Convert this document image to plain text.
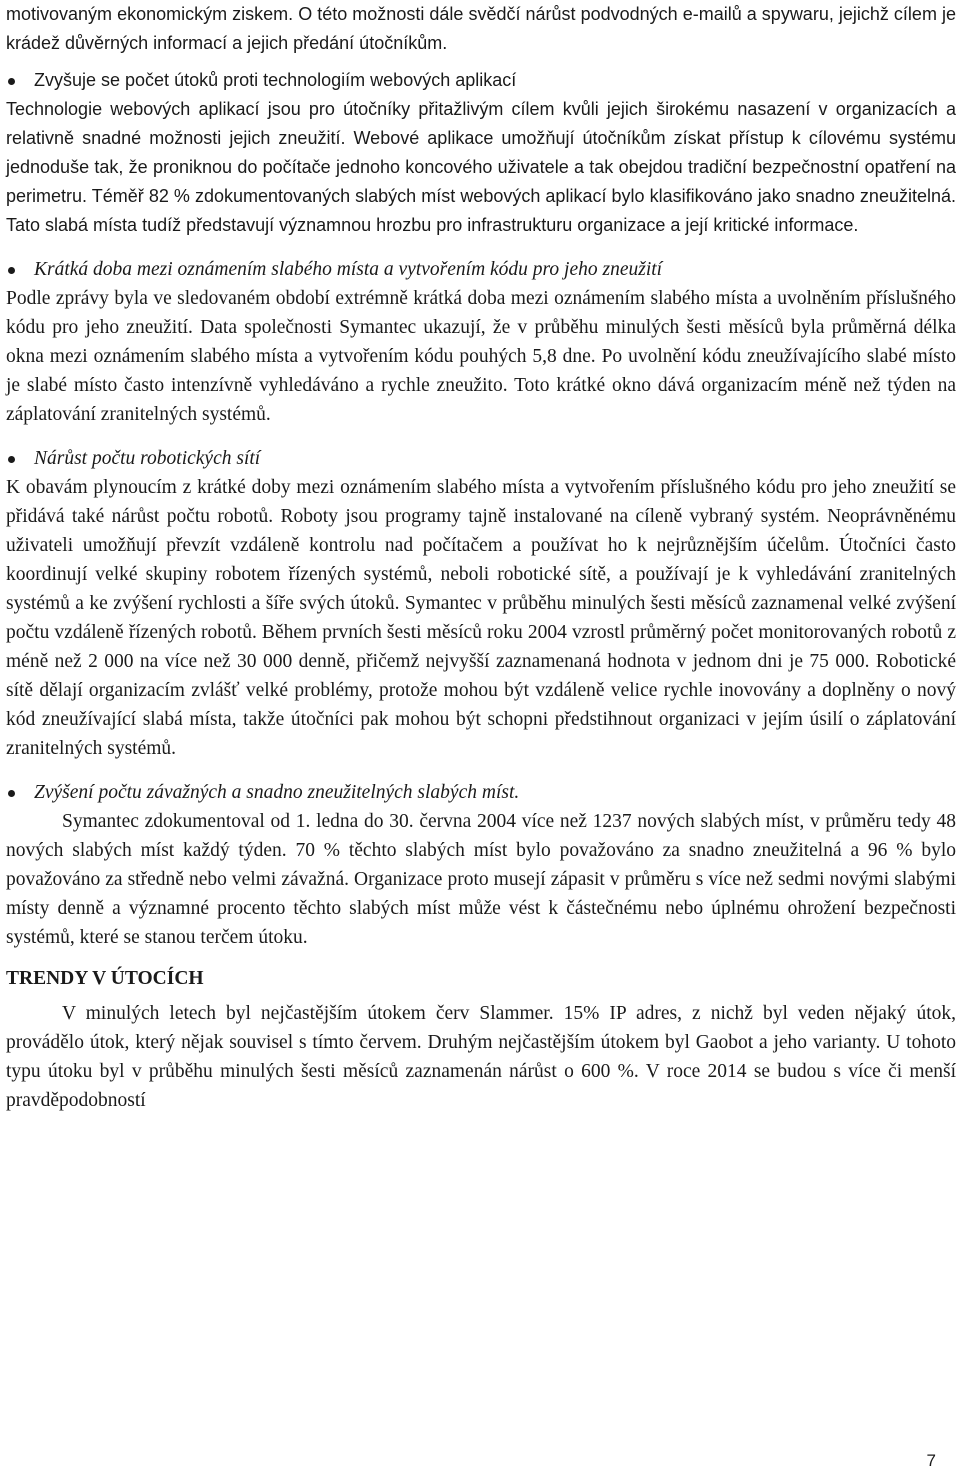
motivovaným ekonomickým ziskem. O této možnosti dále svědčí nárůst podvodných e-mailů a spywaru, jejichž cílem je krádež důvěrných informací a jejich předání útočníkům.

Zvyšuje se počet útoků proti technologiím webových aplikací

Technologie webových aplikací jsou pro útočníky přitažlivým cílem kvůli jejich širokému nasazení v organizacích a relativně snadné možnosti jejich zneužití. Webové aplikace umožňují útočníkům získat přístup k cílovému systému jednoduše tak, že proniknou do počítače jednoho koncového uživatele a tak obejdou tradiční bezpečnostní opatření na perimetru. Téměř 82 % zdokumentovaných slabých míst webových aplikací bylo klasifikováno jako snadno zneužitelná. Tato slabá místa tudíž představují významnou hrozbu pro infrastrukturu organizace a její kritické informace.

Krátká doba mezi oznámením slabého místa a vytvořením kódu pro jeho zneužití

Podle zprávy byla ve sledovaném období extrémně krátká doba mezi oznámením slabého místa a uvolněním příslušného kódu pro jeho zneužití. Data společnosti Symantec ukazují, že v průběhu minulých šesti měsíců byla průměrná délka okna mezi oznámením slabého místa a vytvořením kódu pouhých 5,8 dne. Po uvolnění kódu zneužívajícího slabé místo je slabé místo často intenzívně vyhledáváno a rychle zneužito. Toto krátké okno dává organizacím méně než týden na záplatování zranitelných systémů.

Nárůst počtu robotických sítí

K obavám plynoucím z krátké doby mezi oznámením slabého místa a vytvořením příslušného kódu pro jeho zneužití se přidává také nárůst počtu robotů. Roboty jsou programy tajně instalované na cíleně vybraný systém. Neoprávněnému uživateli umožňují převzít vzdáleně kontrolu nad počítačem a používat ho k nejrůznějším účelům. Útočníci často koordinují velké skupiny robotem řízených systémů, neboli robotické sítě, a používají je k vyhledávání zranitelných systémů a ke zvýšení rychlosti a šíře svých útoků. Symantec v průběhu minulých šesti měsíců zaznamenal velké zvýšení počtu vzdáleně řízených robotů. Během prvních šesti měsíců roku 2004 vzrostl průměrný počet monitorovaných robotů z méně než 2 000 na více než 30 000 denně, přičemž nejvyšší zaznamenaná hodnota v jednom dni je 75 000. Robotické sítě dělají organizacím zvlášť velké problémy, protože mohou být vzdáleně velice rychle inovovány a doplněny o nový kód zneužívající slabá místa, takže útočníci pak mohou být schopni předstihnout organizaci v jejím úsilí o záplatování zranitelných systémů.

Zvýšení počtu závažných a snadno zneužitelných slabých míst.

Symantec zdokumentoval od 1. ledna do 30. června 2004 více než 1237 nových slabých míst, v průměru tedy 48 nových slabých míst každý týden. 70 % těchto slabých míst bylo považováno za snadno zneužitelná a 96 % bylo považováno za středně nebo velmi závažná. Organizace proto musejí zápasit v průměru s více než sedmi novými slabými místy denně a významné procento těchto slabých míst může vést k částečnému nebo úplnému ohrožení bezpečnosti systémů, které se stanou terčem útoku.

TRENDY V ÚTOCÍCH

V minulých letech byl nejčastějším útokem červ Slammer. 15% IP adres, z nichž byl veden nějaký útok, provádělo útok, který nějak souvisel s tímto červem. Druhým nejčastějším útokem byl Gaobot a jeho varianty. U tohoto typu útoku byl v průběhu minulých šesti měsíců zaznamenán nárůst o 600 %. V roce 2014 se budou s více či menší pravděpodobností

7
